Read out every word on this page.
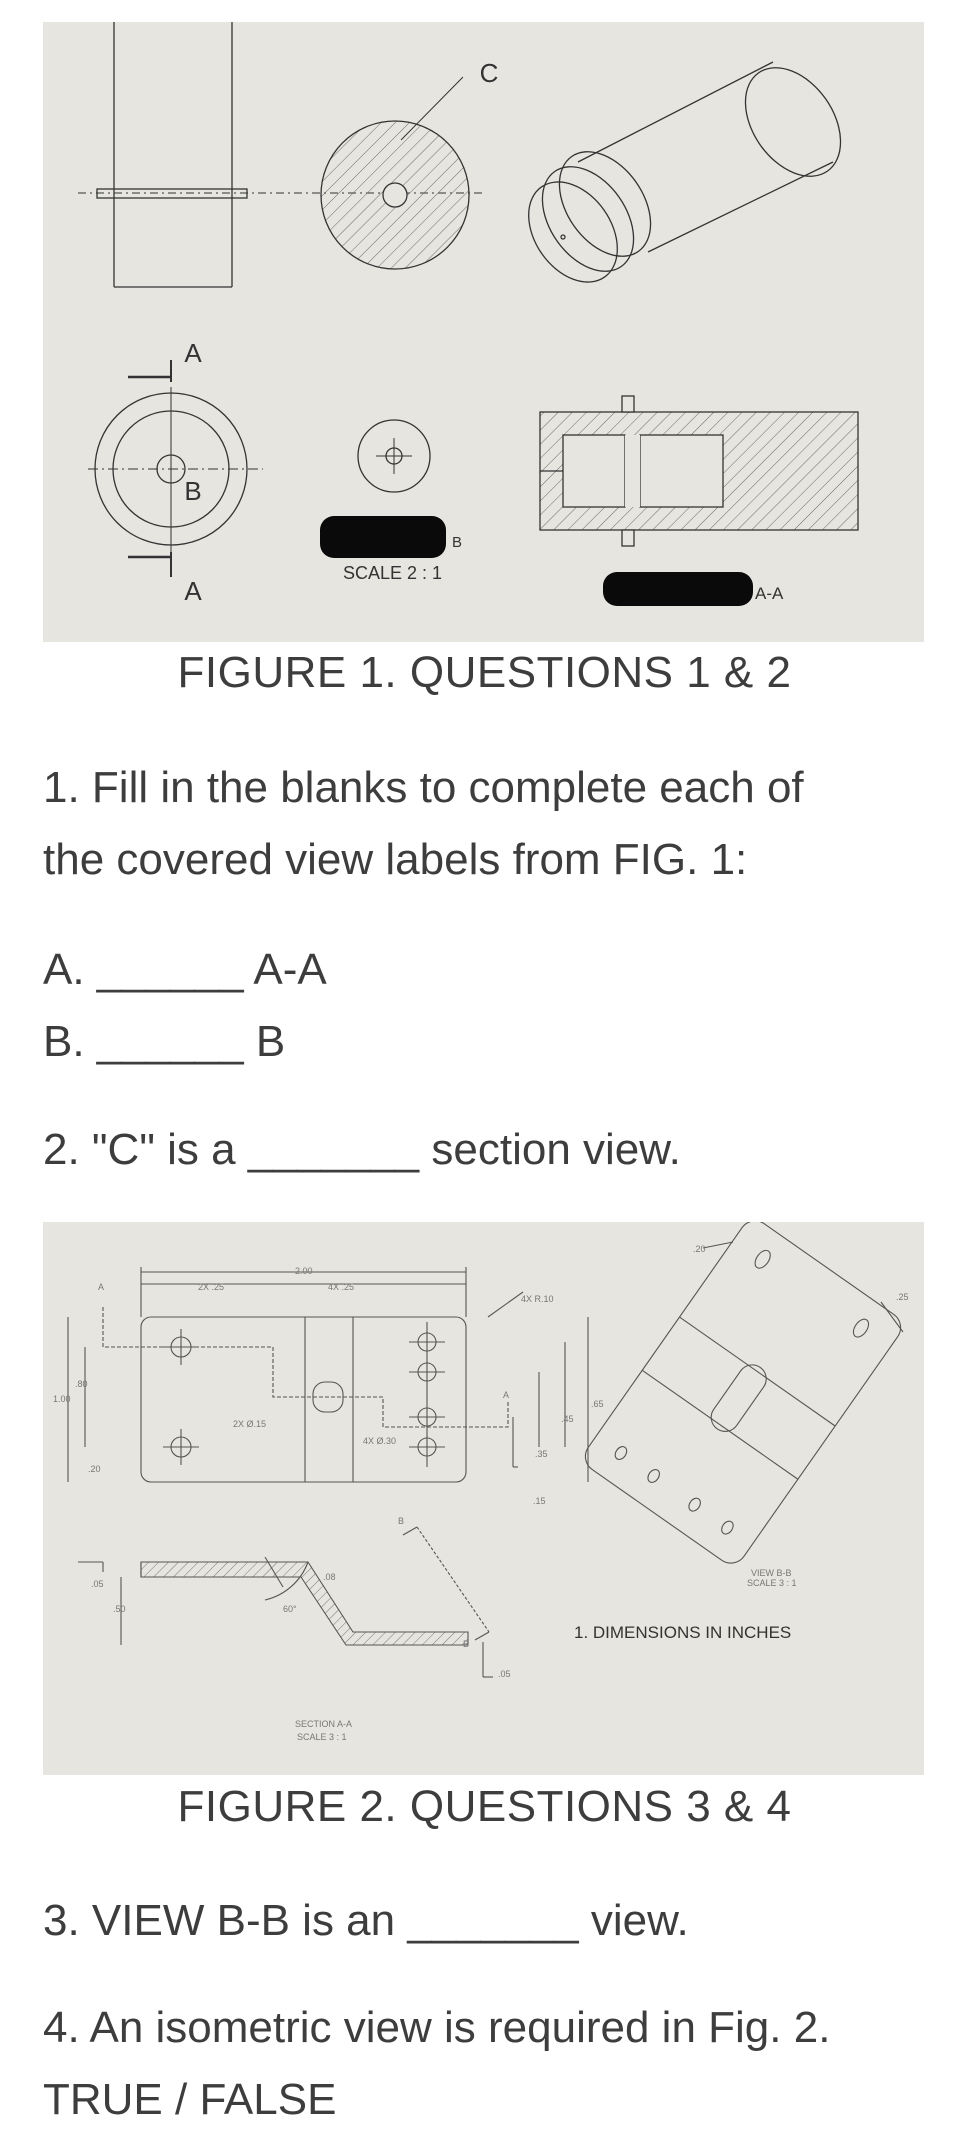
A
A
B
C
B
SCALE 2 : 1
A-A
FIGURE 1. QUESTIONS 1 & 2
1. Fill in the blanks to complete each of
the covered view labels from FIG. 1:
A. ______ A-A
B. ______ B
2. "C" is a _______ section view.
2X .25
2.00
4X .25
4X R.10
1.00
.80
.20
2X Ø.15
4X Ø.30
.65
.45
.35
.15
A
A
B
B
.05
.08
.50	60°
.05
SECTION A-A
SCALE 3 : 1
VIEW B-B
SCALE 3 : 1
.20
.25
1. DIMENSIONS IN INCHES
FIGURE 2. QUESTIONS 3 & 4
3. VIEW B-B is an _______ view.
4. An isometric view is required in Fig. 2.
TRUE / FALSE
